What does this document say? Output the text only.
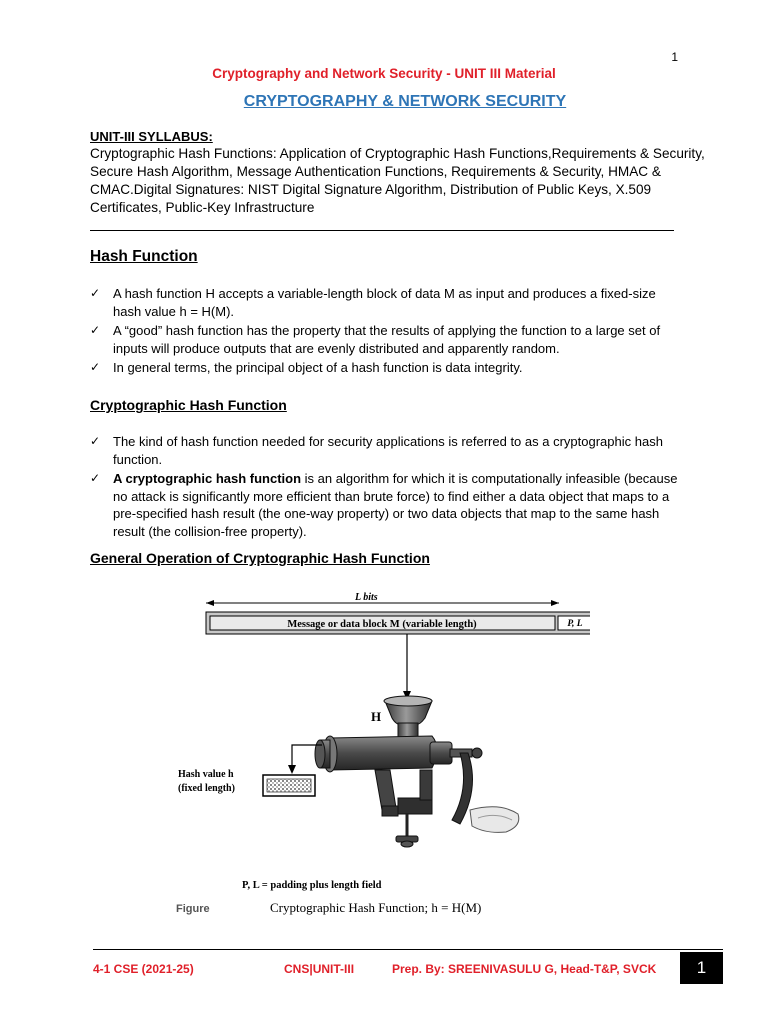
1
Cryptography and Network Security - UNIT III Material
CRYPTOGRAPHY & NETWORK SECURITY
UNIT-III SYLLABUS:
Cryptographic Hash Functions: Application of Cryptographic Hash Functions,Requirements & Security, Secure Hash Algorithm, Message Authentication Functions, Requirements & Security, HMAC & CMAC.Digital Signatures: NIST Digital Signature Algorithm, Distribution of Public Keys, X.509 Certificates, Public-Key Infrastructure
Hash Function
✓ A hash function H accepts a variable-length block of data M as input and produces a fixed-size hash value h = H(M).
✓ A “good” hash function has the property that the results of applying the function to a large set of inputs will produce outputs that are evenly distributed and apparently random.
✓ In general terms, the principal object of a hash function is data integrity.
Cryptographic Hash Function
✓ The kind of hash function needed for security applications is referred to as a cryptographic hash function.
✓ A cryptographic hash function is an algorithm for which it is computationally infeasible (because no attack is significantly more efficient than brute force) to find either a data object that maps to a pre-specified hash result (the one-way property) or two data objects that map to the same hash result (the collision-free property).
General Operation of Cryptographic Hash Function
L bits
Message or data block M (variable length)	P, L
H
Hash value h
(fixed length)
P, L = padding plus length field
Figure	Cryptographic Hash Function; h = H(M)
4-1 CSE (2021-25)	CNS|UNIT-III	Prep. By: SREENIVASULU G, Head-T&P, SVCK	1
